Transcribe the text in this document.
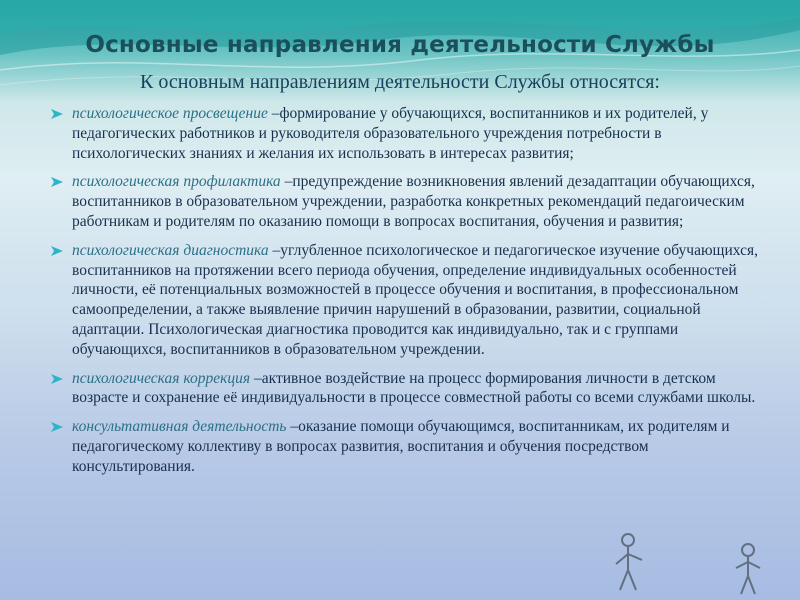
Основные направления деятельности Службы
К основным направлениям деятельности Службы относятся:
психологическое просвещение –формирование у обучающихся, воспитанников и их родителей, у педагогических работников и руководителя образовательного учреждения потребности в психологических знаниях и желания их использовать в интересах развития;
психологическая профилактика –предупреждение возникновения явлений дезадаптации обучающихся, воспитанников в образовательном учреждении, разработка конкретных рекомендаций педагоическим работникам и родителям по оказанию помощи в вопросах воспитания, обучения и развития;
психологическая диагностика –углубленное психологическое и педагогическое изучение обучающихся, воспитанников на протяжении всего периода обучения, определение индивидуальных особенностей личности, её потенциальных возможностей в процессе обучения и воспитания, в профессиональном самоопределении, а также выявление причин нарушений в образовании, развитии, социальной адаптации. Психологическая диагностика проводится как индивидуально, так и с группами обучающихся, воспитанников в образовательном учреждении.
психологическая коррекция –активное воздействие на процесс формирования личности в детском возрасте и сохранение её индивидуальности в процессе совместной работы со всеми службами школы.
консультативная деятельность –оказание помощи обучающимся, воспитанникам, их родителям и педагогическому коллективу в вопросах развития, воспитания и обучения посредством консультирования.
